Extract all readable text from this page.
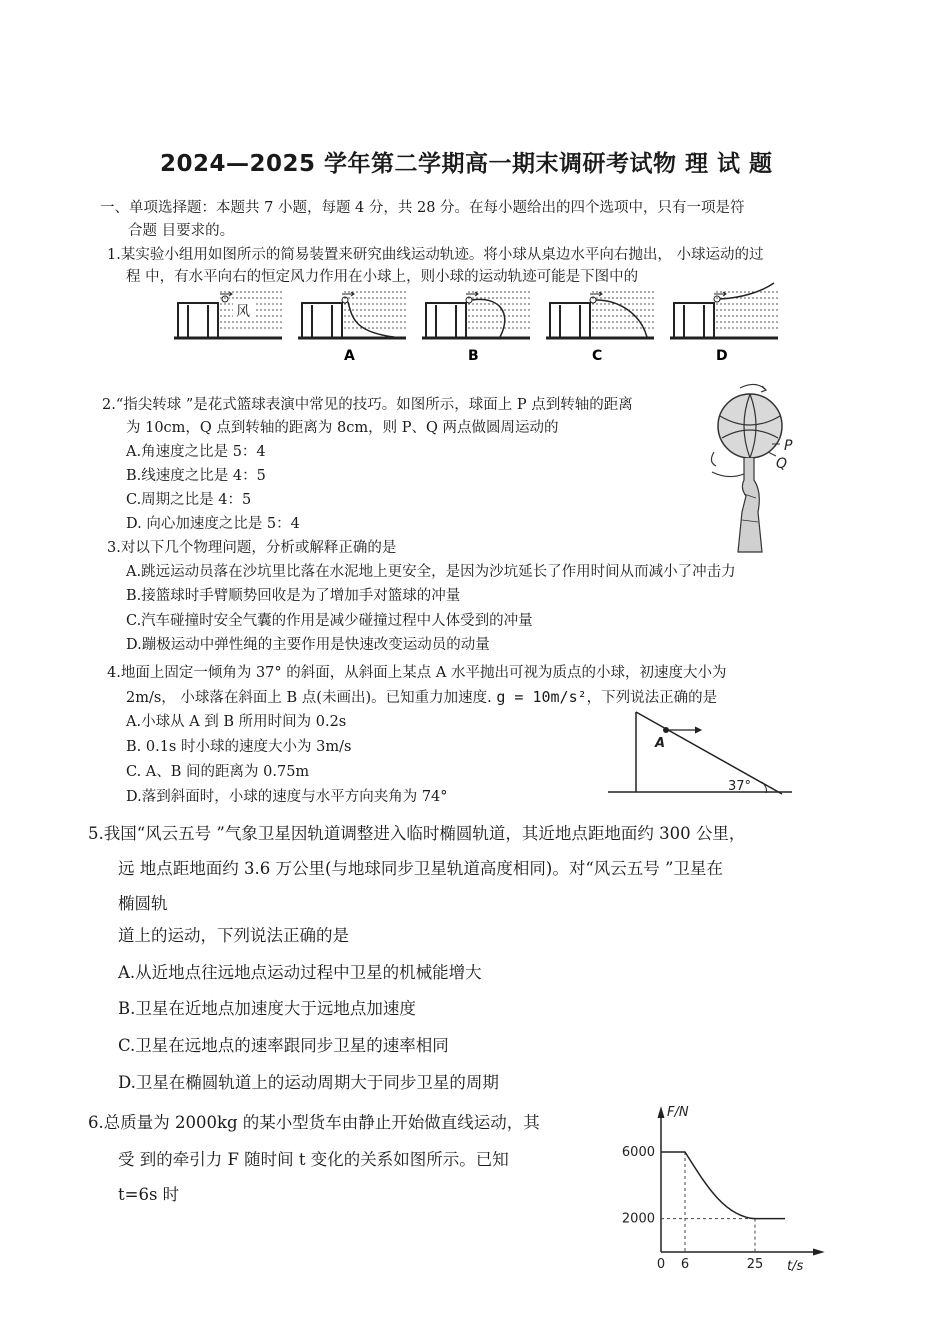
2024—2025 学年第二学期高一期末调研考试物 理 试 题
一、单项选择题：本题共 7 小题，每题 4 分，共 28 分。在每小题给出的四个选项中，只有一项是符
合题 目要求的。
1.某实验小组用如图所示的简易装置来研究曲线运动轨迹。将小球从桌边水平向右抛出， 小球运动的过
程 中，有水平向右的恒定风力作用在小球上，则小球的运动轨迹可能是下图中的
风
A	B	C	D
2.“指尖转球 ”是花式篮球表演中常见的技巧。如图所示，球面上 P 点到转轴的距离
为 10cm，Q 点到转轴的距离为 8cm，则 P、Q 两点做圆周运动的
A.角速度之比是 5：4
B.线速度之比是 4：5
C.周期之比是 4：5
D. 向心加速度之比是 5：4
P
Q
3.对以下几个物理问题，分析或解释正确的是
A.跳远运动员落在沙坑里比落在水泥地上更安全，是因为沙坑延长了作用时间从而减小了冲击力
B.接篮球时手臂顺势回收是为了增加手对篮球的冲量
C.汽车碰撞时安全气囊的作用是减少碰撞过程中人体受到的冲量
D.蹦极运动中弹性绳的主要作用是快速改变运动员的动量
4.地面上固定一倾角为 37° 的斜面，从斜面上某点 A 水平抛出可视为质点的小球，初速度大小为
2m/s， 小球落在斜面上 B 点(未画出)。已知重力加速度. g = 10m/s²，下列说法正确的是
A.小球从 A 到 B 所用时间为 0.2s
B. 0.1s 时小球的速度大小为 3m/s
C. A、B 间的距离为 0.75m
D.落到斜面时，小球的速度与水平方向夹角为 74°
A
37°
5.我国“风云五号 ”气象卫星因轨道调整进入临时椭圆轨道，其近地点距地面约 300 公里，
远 地点距地面约 3.6 万公里(与地球同步卫星轨道高度相同)。对“风云五号 ”卫星在
椭圆轨
道上的运动，下列说法正确的是
A.从近地点往远地点运动过程中卫星的机械能增大
B.卫星在近地点加速度大于远地点加速度
C.卫星在远地点的速率跟同步卫星的速率相同
D.卫星在椭圆轨道上的运动周期大于同步卫星的周期
6.总质量为 2000kg 的某小型货车由静止开始做直线运动，其
受 到的牵引力 F 随时间 t 变化的关系如图所示。已知
t=6s 时
F/N
t/s
6000
2000
0 6	25
